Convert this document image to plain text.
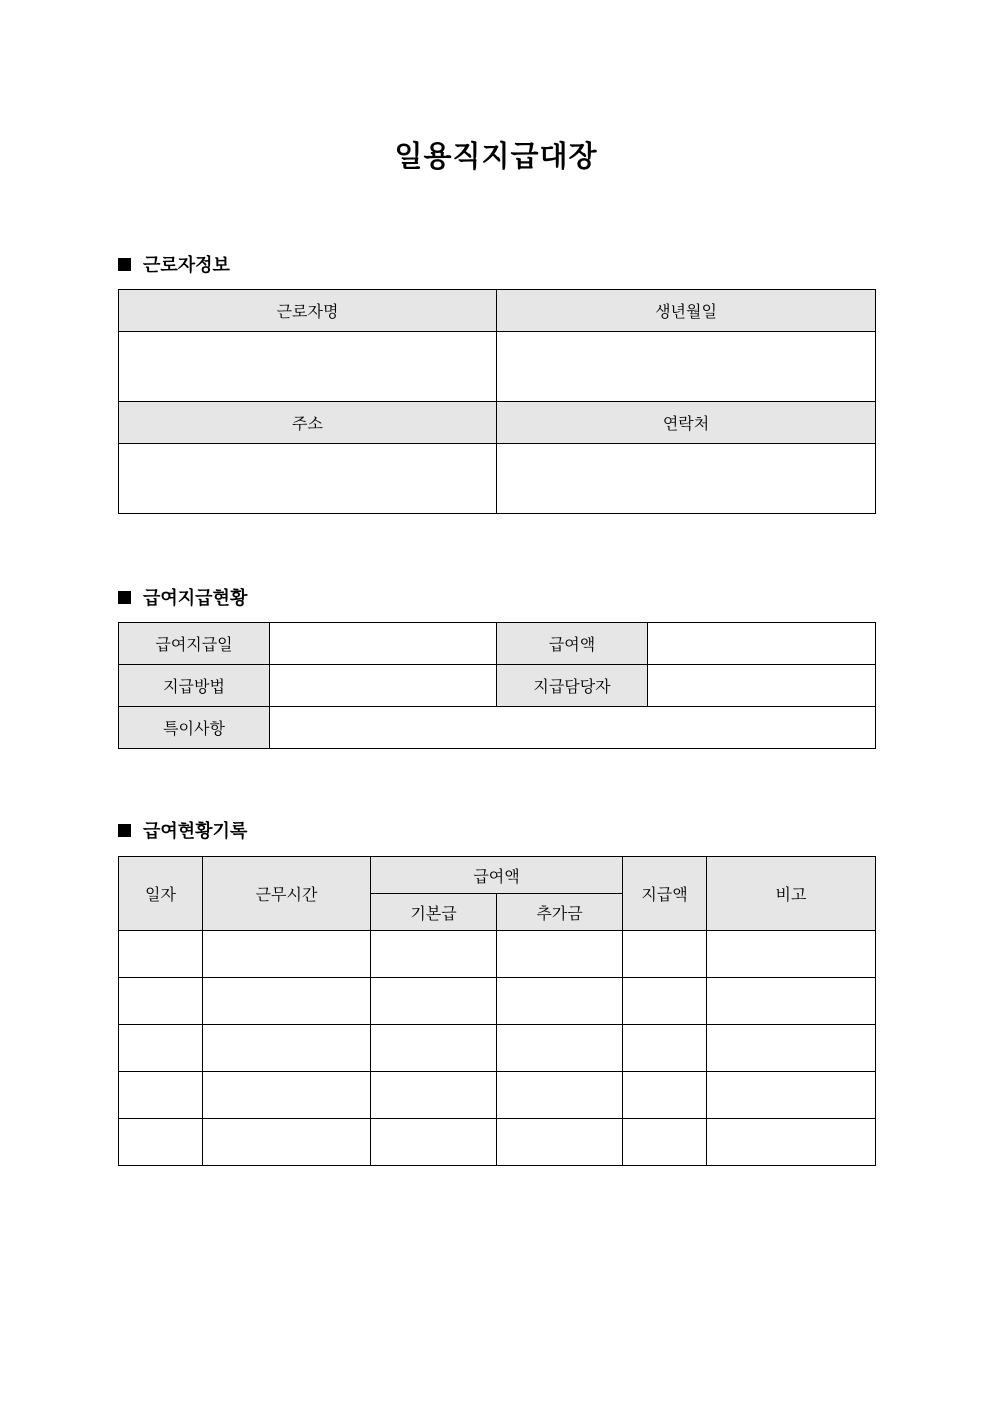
일용직지급대장
근로자정보
근로자명	생년월일

주소	연락처

급여지급현황
급여지급일		급여액	
지급방법		지급담당자	
특이사항			
급여현황기록
일자	근무시간	급여액		지급액	비고
		기본급	추가금		
